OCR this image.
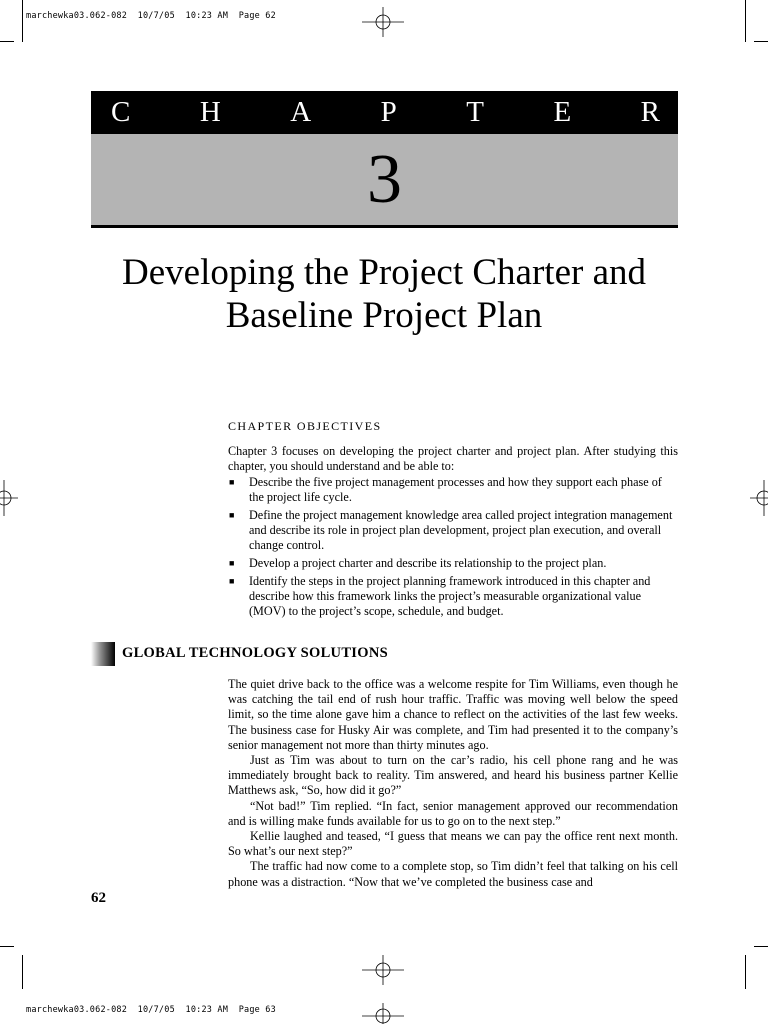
marchewka03.062-082  10/7/05  10:23 AM  Page 62
marchewka03.062-082  10/7/05  10:23 AM  Page 63
C H A P T E R
3
Developing the Project Charter and
Baseline Project Plan
CHAPTER OBJECTIVES
Chapter 3 focuses on developing the project charter and project plan. After studying this chapter, you should understand and be able to:
■ Describe the five project management processes and how they support each phase of the project life cycle.
■ Define the project management knowledge area called project integration management and describe its role in project plan development, project plan execution, and overall change control.
■ Develop a project charter and describe its relationship to the project plan.
■ Identify the steps in the project planning framework introduced in this chapter and describe how this framework links the project’s measurable organizational value (MOV) to the project’s scope, schedule, and budget.
GLOBAL TECHNOLOGY SOLUTIONS

The quiet drive back to the office was a welcome respite for Tim Williams, even though he was catching the tail end of rush hour traffic. Traffic was moving well below the speed limit, so the time alone gave him a chance to reflect on the activities of the last few weeks. The business case for Husky Air was complete, and Tim had presented it to the company’s senior management not more than thirty minutes ago.

Just as Tim was about to turn on the car’s radio, his cell phone rang and he was immediately brought back to reality. Tim answered, and heard his business partner Kellie Matthews ask, “So, how did it go?”

“Not bad!” Tim replied. “In fact, senior management approved our recommendation and is willing make funds available for us to go on to the next step.”

Kellie laughed and teased, “I guess that means we can pay the office rent next month. So what’s our next step?”

The traffic had now come to a complete stop, so Tim didn’t feel that talking on his cell phone was a distraction. “Now that we’ve completed the business case and

62
